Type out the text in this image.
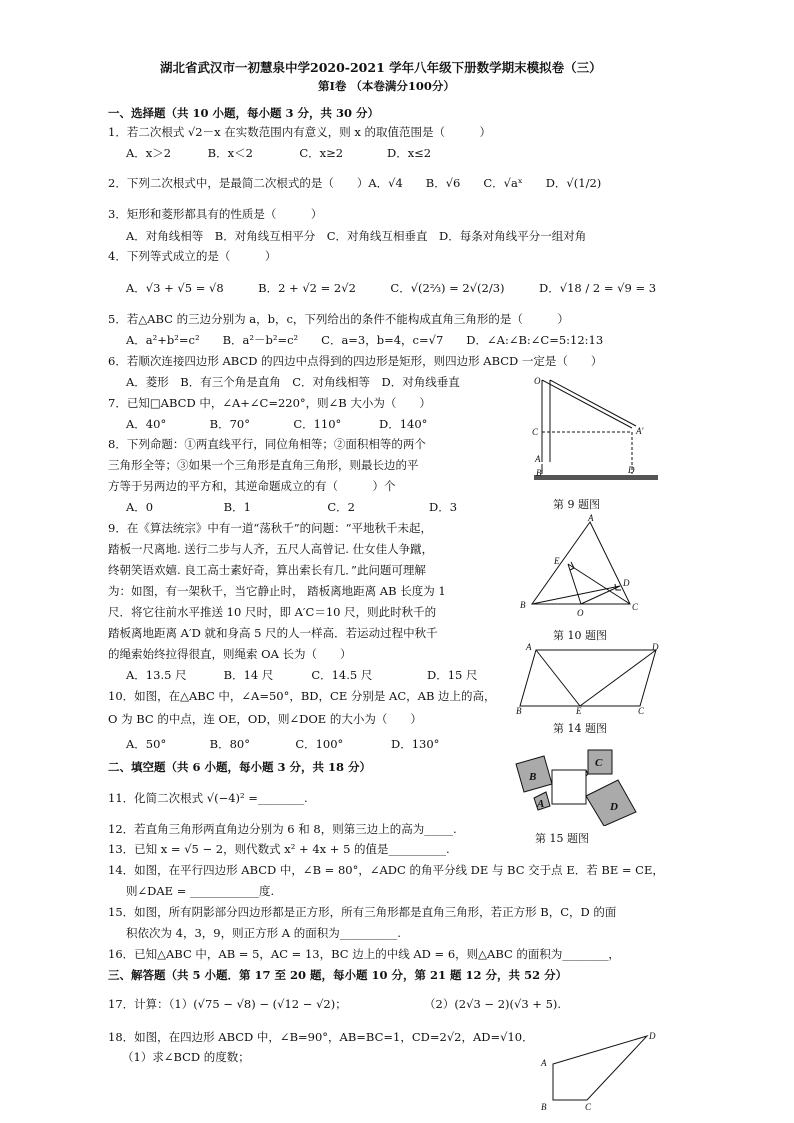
湖北省武汉市一初慧泉中学2020-2021 学年八年级下册数学期末模拟卷（三）
第Ⅰ卷 （本卷满分100分）
一、选择题（共 10 小题，每小题 3 分，共 30 分）
1．若二次根式 √2－x 在实数范围内有意义，则 x 的取值范围是（　　　）
A．x＞2	B．x＜2	C．x≥2	D．x≤2
2．下列二次根式中，是最简二次根式的是（　　）A．√4　　B．√6　　C．√aˣ　　D．√(1/2)
3．矩形和菱形都具有的性质是（　　　）
A．对角线相等　B．对角线互相平分　C．对角线互相垂直　D．每条对角线平分一组对角
4．下列等式成立的是（　　　）
A．√3 + √5 = √8　　　B．2 + √2 = 2√2　　　C．√(2⅔) = 2√(2/3)　　　D．√18 / 2 = √9 = 3
5．若△ABC 的三边分别为 a，b，c，下列给出的条件不能构成直角三角形的是（　　　）
A．a²+b²=c²　　B．a²－b²=c²　　C．a=3，b=4，c=√7　　D．∠A:∠B:∠C=5:12:13
6．若顺次连接四边形 ABCD 的四边中点得到的四边形是矩形，则四边形 ABCD 一定是（　　）
A．菱形　B．有三个角是直角　C．对角线相等　D．对角线垂直
7．已知□ABCD 中，∠A+∠C=220°，则∠B 大小为（　　）
A．40°	B．70°	C．110°	D．140°
8．下列命题：①两直线平行，同位角相等；②面积相等的两个
三角形全等；③如果一个三角形是直角三角形，则最长边的平
方等于另两边的平方和，其逆命题成立的有（　　　）个
A．0	B．1	C．2	D．3
9．在《算法统宗》中有一道“荡秋千”的问题：“平地秋千未起，
踏板一尺离地. 送行二步与人齐，五尺人高曾记. 仕女佳人争蹴，
终朝笑语欢嬉. 良工高士素好奇，算出索长有几．”此问题可理解
为：如图，有一架秋千，当它静止时， 踏板离地距离 AB 长度为 1
尺．将它往前水平推送 10 尺时，即 A′C＝10 尺，则此时秋千的
踏板离地距离 A′D 就和身高 5 尺的人一样高．若运动过程中秋千
的绳索始终拉得很直，则绳索 OA 长为（　　）
A．13.5 尺	B．14 尺	C．14.5 尺	D．15 尺
10．如图，在△ABC 中，∠A=50°，BD，CE 分别是 AC，AB 边上的高，
O 为 BC 的中点，连 OE，OD，则∠DOE 的大小为（　　）
A．50°	B．80°	C．100°	D．130°
二、填空题（共 6 小题，每小题 3 分，共 18 分）
11．化简二次根式 √(−4)² =________.
12．若直角三角形两直角边分别为 6 和 8，则第三边上的高为_____.
13．已知 x = √5 − 2，则代数式 x² + 4x + 5 的值是__________.
14．如图，在平行四边形 ABCD 中，∠B = 80°，∠ADC 的角平分线 DE 与 BC 交于点 E．若 BE = CE，
则∠DAE = ____________度.
15．如图，所有阴影部分四边形都是正方形，所有三角形都是直角三角形，若正方形 B，C，D 的面
积依次为 4，3，9，则正方形 A 的面积为__________.
16．已知△ABC 中，AB = 5，AC = 13，BC 边上的中线 AD = 6，则△ABC 的面积为________，
三、解答题（共 5 小题．第 17 至 20 题，每小题 10 分，第 21 题 12 分，共 52 分）
17．计算：（1）(√75 − √8) − (√12 − √2)；	（2）(2√3 − 2)(√3 + 5).
18．如图，在四边形 ABCD 中，∠B=90°，AB=BC=1，CD=2√2，AD=√10．
（1）求∠BCD 的度数；
O
C
A
B
A′
D
第 9 题图
A
E
D
B
O
C
第 10 题图
A	D
B	E	C
第 14 题图
C
B
A	D
第 15 题图
D
A
B	C
